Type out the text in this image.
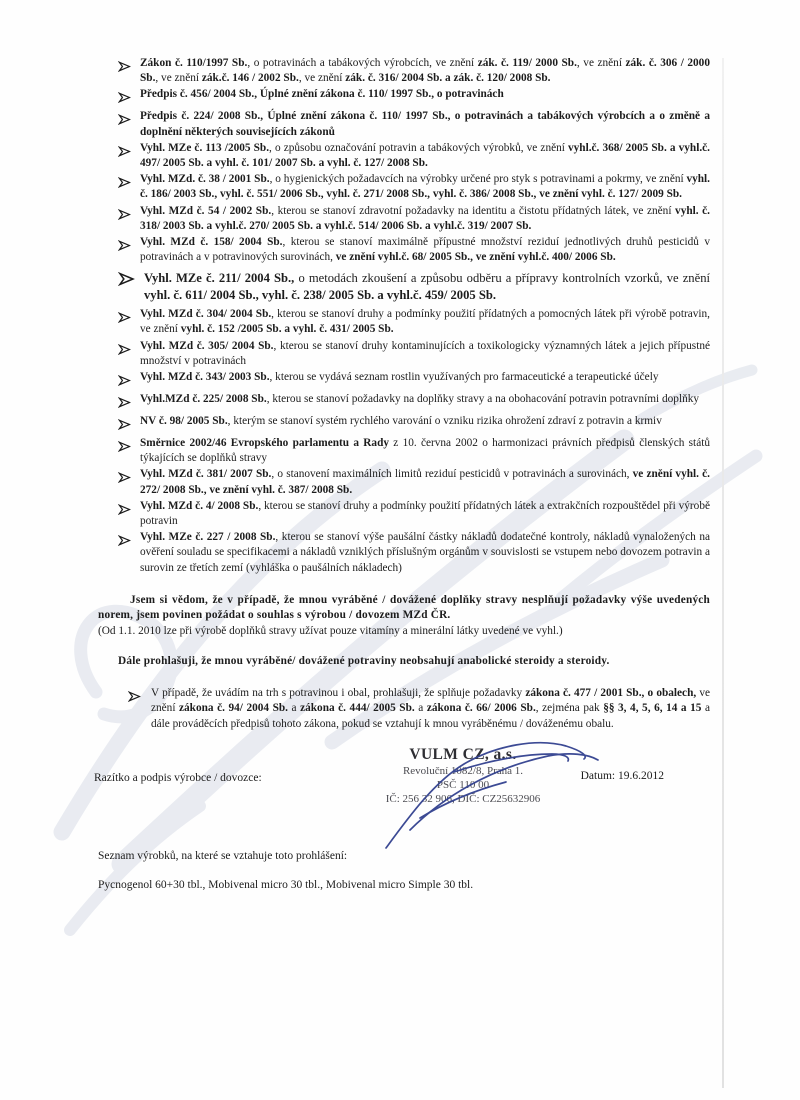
Zákon č. 110/1997 Sb., o potravinách a tabákových výrobcích, ve znění zák. č. 119/ 2000 Sb., ve znění zák. č. 306 / 2000 Sb., ve znění zák.č. 146 / 2002 Sb., ve znění zák. č. 316/ 2004 Sb. a zák. č. 120/ 2008 Sb.
Předpis č. 456/ 2004 Sb., Úplné znění zákona č. 110/ 1997 Sb., o potravinách
Předpis č. 224/ 2008 Sb., Úplné znění zákona č. 110/ 1997 Sb., o potravinách a tabákových výrobcích a o změně a doplnění některých souvisejících zákonů
Vyhl. MZe č. 113 /2005 Sb., o způsobu označování potravin a tabákových výrobků, ve znění vyhl.č. 368/ 2005 Sb. a vyhl.č. 497/ 2005 Sb. a vyhl. č. 101/ 2007 Sb. a vyhl. č. 127/ 2008 Sb.
Vyhl. MZd. č. 38 / 2001 Sb., o hygienických požadavcích na výrobky určené pro styk s potravinami a pokrmy, ve znění vyhl. č. 186/ 2003 Sb., vyhl. č. 551/ 2006 Sb., vyhl. č. 271/ 2008 Sb., vyhl. č. 386/ 2008 Sb., ve znění vyhl. č. 127/ 2009 Sb.
Vyhl. MZd č. 54 / 2002 Sb., kterou se stanoví zdravotní požadavky na identitu a čistotu přídatných látek, ve znění vyhl. č. 318/ 2003 Sb. a vyhl.č. 270/ 2005 Sb. a vyhl.č. 514/ 2006 Sb. a vyhl.č. 319/ 2007 Sb.
Vyhl. MZd č. 158/ 2004 Sb., kterou se stanoví maximálně přípustné množství reziduí jednotlivých druhů pesticidů v potravinách a v potravinových surovinách, ve znění vyhl.č. 68/ 2005 Sb., ve znění vyhl.č. 400/ 2006 Sb.
Vyhl. MZe č. 211/ 2004 Sb., o metodách zkoušení a způsobu odběru a přípravy kontrolních vzorků, ve znění vyhl. č. 611/ 2004 Sb., vyhl. č. 238/ 2005 Sb. a vyhl.č. 459/ 2005 Sb.
Vyhl. MZd č. 304/ 2004 Sb., kterou se stanoví druhy a podmínky použití přídatných a pomocných látek při výrobě potravin, ve znění vyhl. č. 152 /2005 Sb. a vyhl. č. 431/ 2005 Sb.
Vyhl. MZd č. 305/ 2004 Sb., kterou se stanoví druhy kontaminujících a toxikologicky významných látek a jejich přípustné množství v potravinách
Vyhl. MZd č. 343/ 2003 Sb., kterou se vydává seznam rostlin využívaných pro farmaceutické a terapeutické účely
Vyhl.MZd č. 225/ 2008 Sb., kterou se stanoví požadavky na doplňky stravy a na obohacování potravin potravními doplňky
NV č. 98/ 2005 Sb., kterým se stanoví systém rychlého varování o vzniku rizika ohrožení zdraví z potravin a krmiv
Směrnice 2002/46 Evropského parlamentu a Rady z 10. června 2002 o harmonizaci právních předpisů členských států týkajících se doplňků stravy
Vyhl. MZd č. 381/ 2007 Sb., o stanovení maximálních limitů reziduí pesticidů v potravinách a surovinách, ve znění vyhl. č. 272/ 2008 Sb., ve znění vyhl. č. 387/ 2008 Sb.
Vyhl. MZd č. 4/ 2008 Sb., kterou se stanoví druhy a podmínky použití přídatných látek a extrakčních rozpouštědel při výrobě potravin
Vyhl. MZe č. 227 / 2008 Sb., kterou se stanoví výše paušální částky nákladů dodatečné kontroly, nákladů vynaložených na ověření souladu se specifikacemi a nákladů vzniklých příslušným orgánům v souvislosti se vstupem nebo dovozem potravin a surovin ze třetích zemí (vyhláška o paušálních nákladech)

Jsem si vědom, že v případě, že mnou vyráběné / dovážené doplňky stravy nesplňují požadavky výše uvedených norem, jsem povinen požádat o souhlas s výrobou / dovozem MZd ČR.

(Od 1.1. 2010 lze při výrobě doplňků stravy užívat pouze vitamíny a minerální látky uvedené ve vyhl.)

Dále prohlašuji, že mnou vyráběné/ dovážené potraviny neobsahují anabolické steroidy a steroidy.

V případě, že uvádím na trh s potravinou i obal, prohlašuji, že splňuje požadavky zákona č. 477 / 2001 Sb., o obalech, ve znění zákona č. 94/ 2004 Sb. a zákona č. 444/ 2005 Sb. a zákona č. 66/ 2006 Sb., zejména pak §§ 3, 4, 5, 6, 14 a 15 a dále prováděcích předpisů tohoto zákona, pokud se vztahují k mnou vyráběnému / dováženému obalu.
Razítko a podpis výrobce / dovozce:
VULM CZ, a.s.
Revoluční 1082/8, Praha 1.
PSČ 110 00
IČ: 256 32 906, DIČ: CZ25632906
Datum: 19.6.2012

Seznam výrobků, na které se vztahuje toto prohlášení:

Pycnogenol 60+30 tbl., Mobivenal micro 30 tbl., Mobivenal micro Simple 30 tbl.
